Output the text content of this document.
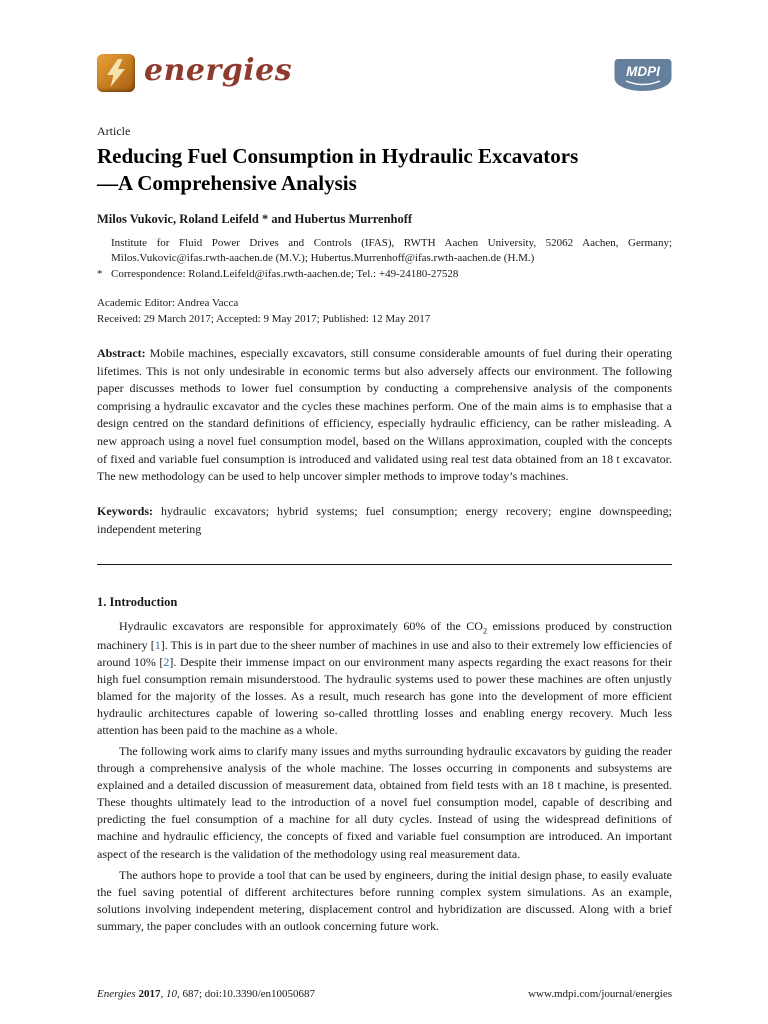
energies	MDPI
Article
Reducing Fuel Consumption in Hydraulic Excavators—A Comprehensive Analysis
Milos Vukovic, Roland Leifeld * and Hubertus Murrenhoff
Institute for Fluid Power Drives and Controls (IFAS), RWTH Aachen University, 52062 Aachen, Germany; Milos.Vukovic@ifas.rwth-aachen.de (M.V.); Hubertus.Murrenhoff@ifas.rwth-aachen.de (H.M.)
* Correspondence: Roland.Leifeld@ifas.rwth-aachen.de; Tel.: +49-24180-27528
Academic Editor: Andrea Vacca
Received: 29 March 2017; Accepted: 9 May 2017; Published: 12 May 2017
Abstract: Mobile machines, especially excavators, still consume considerable amounts of fuel during their operating lifetimes. This is not only undesirable in economic terms but also adversely affects our environment. The following paper discusses methods to lower fuel consumption by conducting a comprehensive analysis of the components comprising a hydraulic excavator and the cycles these machines perform. One of the main aims is to emphasise that a design centred on the standard definitions of efficiency, especially hydraulic efficiency, can be rather misleading. A new approach using a novel fuel consumption model, based on the Willans approximation, coupled with the concepts of fixed and variable fuel consumption is introduced and validated using real test data obtained from an 18 t excavator. The new methodology can be used to help uncover simpler methods to improve today’s machines.
Keywords: hydraulic excavators; hybrid systems; fuel consumption; energy recovery; engine downspeeding; independent metering
1. Introduction

Hydraulic excavators are responsible for approximately 60% of the $CO_2$ emissions produced by construction machinery [1]. This is in part due to the sheer number of machines in use and also to their extremely low efficiencies of around 10% [2]. Despite their immense impact on our environment many aspects regarding the exact reasons for their high fuel consumption remain misunderstood. The hydraulic systems used to power these machines are often unjustly blamed for the majority of the losses. As a result, much research has gone into the development of more efficient hydraulic architectures capable of lowering so-called throttling losses and enabling energy recovery. Much less attention has been paid to the machine as a whole.

The following work aims to clarify many issues and myths surrounding hydraulic excavators by guiding the reader through a comprehensive analysis of the whole machine. The losses occurring in components and subsystems are explained and a detailed discussion of measurement data, obtained from field tests with an 18 t machine, is presented. These thoughts ultimately lead to the introduction of a novel fuel consumption model, capable of describing and predicting the fuel consumption of a machine for all duty cycles. Instead of using the widespread definitions of machine and hydraulic efficiency, the concepts of fixed and variable fuel consumption are introduced. An important aspect of the research is the validation of the methodology using real measurement data.

The authors hope to provide a tool that can be used by engineers, during the initial design phase, to easily evaluate the fuel saving potential of different architectures before running complex system simulations. As an example, solutions involving independent metering, displacement control and hybridization are discussed. Along with a brief summary, the paper concludes with an outlook concerning future work.

Energies 2017, 10, 687; doi:10.3390/en10050687	www.mdpi.com/journal/energies
